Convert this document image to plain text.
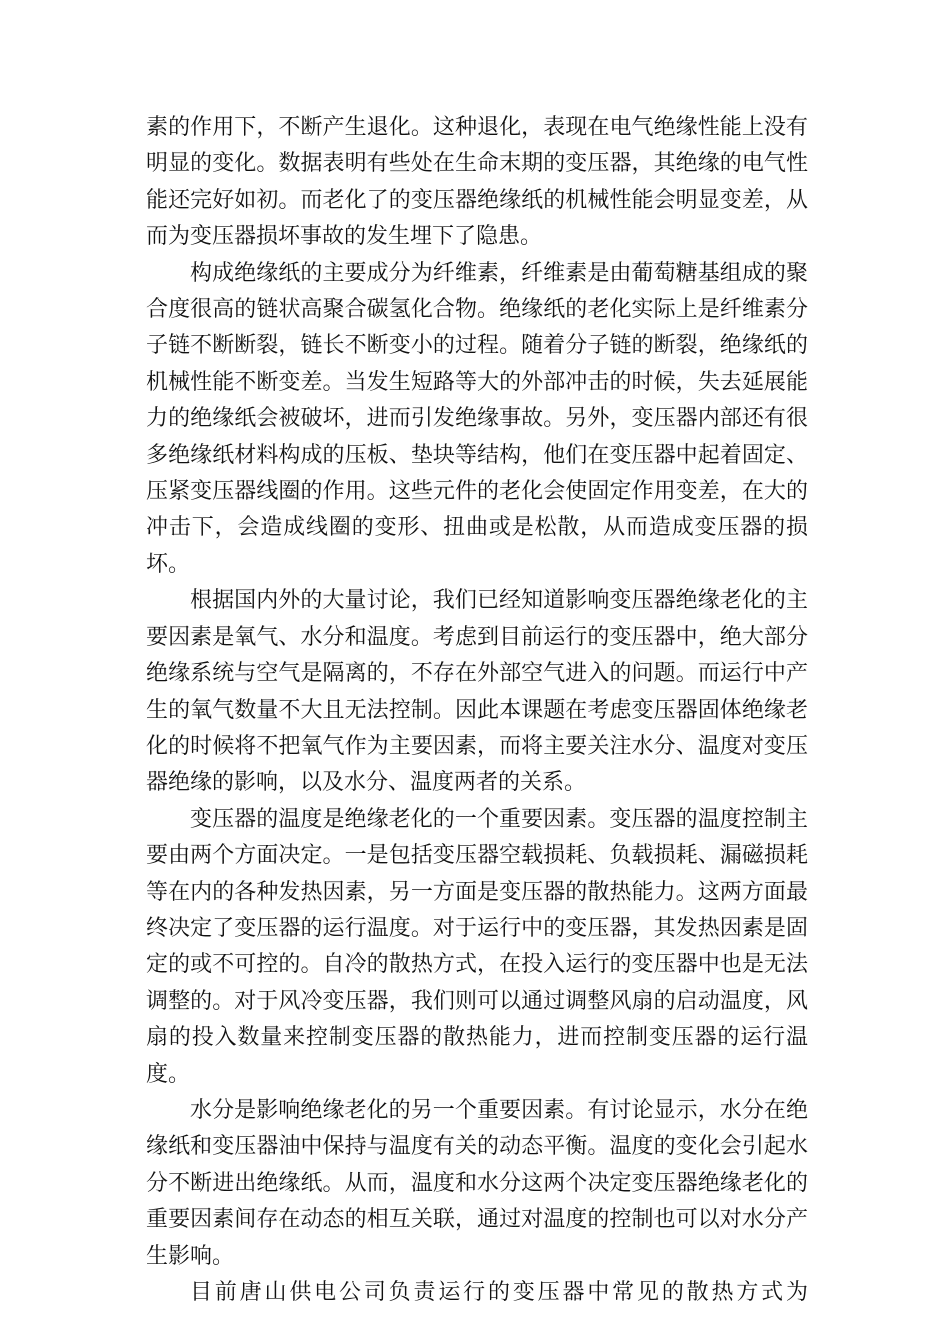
素的作用下，不断产生退化。这种退化，表现在电气绝缘性能上没有明显的变化。数据表明有些处在生命末期的变压器，其绝缘的电气性能还完好如初。而老化了的变压器绝缘纸的机械性能会明显变差，从而为变压器损坏事故的发生埋下了隐患。

构成绝缘纸的主要成分为纤维素，纤维素是由葡萄糖基组成的聚合度很高的链状高聚合碳氢化合物。绝缘纸的老化实际上是纤维素分子链不断断裂，链长不断变小的过程。随着分子链的断裂，绝缘纸的机械性能不断变差。当发生短路等大的外部冲击的时候，失去延展能力的绝缘纸会被破坏，进而引发绝缘事故。另外，变压器内部还有很多绝缘纸材料构成的压板、垫块等结构，他们在变压器中起着固定、压紧变压器线圈的作用。这些元件的老化会使固定作用变差，在大的冲击下，会造成线圈的变形、扭曲或是松散，从而造成变压器的损坏。

根据国内外的大量讨论，我们已经知道影响变压器绝缘老化的主要因素是氧气、水分和温度。考虑到目前运行的变压器中，绝大部分绝缘系统与空气是隔离的，不存在外部空气进入的问题。而运行中产生的氧气数量不大且无法控制。因此本课题在考虑变压器固体绝缘老化的时候将不把氧气作为主要因素，而将主要关注水分、温度对变压器绝缘的影响，以及水分、温度两者的关系。

变压器的温度是绝缘老化的一个重要因素。变压器的温度控制主要由两个方面决定。一是包括变压器空载损耗、负载损耗、漏磁损耗等在内的各种发热因素，另一方面是变压器的散热能力。这两方面最终决定了变压器的运行温度。对于运行中的变压器，其发热因素是固定的或不可控的。自冷的散热方式，在投入运行的变压器中也是无法调整的。对于风冷变压器，我们则可以通过调整风扇的启动温度，风扇的投入数量来控制变压器的散热能力，进而控制变压器的运行温度。

水分是影响绝缘老化的另一个重要因素。有讨论显示，水分在绝缘纸和变压器油中保持与温度有关的动态平衡。温度的变化会引起水分不断进出绝缘纸。从而，温度和水分这两个决定变压器绝缘老化的重要因素间存在动态的相互关联，通过对温度的控制也可以对水分产生影响。

目前唐山供电公司负责运行的变压器中常见的散热方式为
